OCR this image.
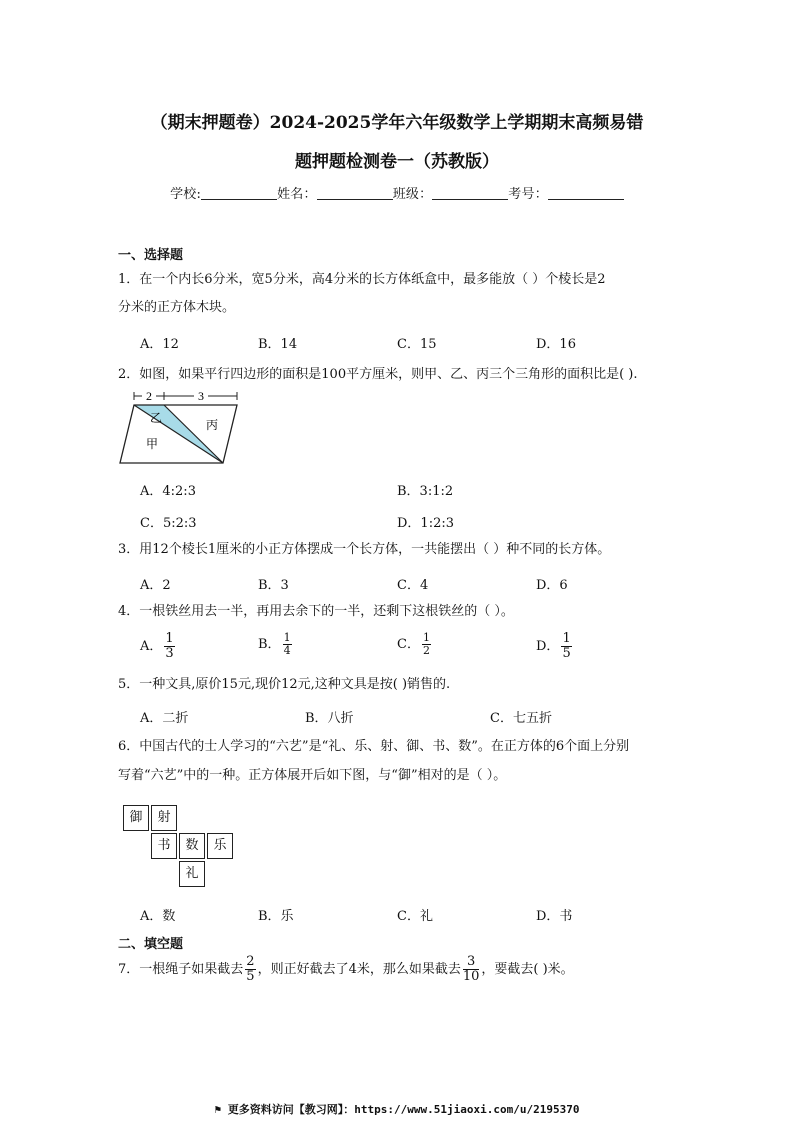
（期末押题卷）2024-2025学年六年级数学上学期期末高频易错
题押题检测卷一（苏教版）
学校:	姓名：	班级：	考号：
一、选择题
1．在一个内长6分米，宽5分米，高4分米的长方体纸盒中，最多能放（ ）个棱长是2
分米的正方体木块。
A．12	B．14	C．15	D．16
2．如图，如果平行四边形的面积是100平方厘米，则甲、乙、丙三个三角形的面积比是( ).
2	3
乙
甲
丙
A．4:2:3	B．3:1:2
C．5:2:3	D．1:2:3
3．用12个棱长1厘米的小正方体摆成一个长方体，一共能摆出（ ）种不同的长方体。
A．2	B．3	C．4	D．6
4．一根铁丝用去一半，再用去余下的一半，还剩下这根铁丝的（ ）。
A． $\frac{1}{3}$	B． $\frac{1}{4}$	C． $\frac{1}{2}$	D． $\frac{1}{5}$
5．一种文具,原价15元,现价12元,这种文具是按( )销售的.
A．二折	B．八折	C．七五折
6．中国古代的士人学习的“六艺”是“礼、乐、射、御、书、数”。在正方体的6个面上分别
写着“六艺”中的一种。正方体展开后如下图，与“御”相对的是（ ）。
御	射
书	数	乐
礼
A．数	B．乐	C．礼	D．书
二、填空题
7．一根绳子如果截去 $\frac{2}{5}$ ，则正好截去了4米，那么如果截去 $\frac{3}{10}$ ，要截去( )米。
⚑ 更多资料访问【教习网】：https://www.51jiaoxi.com/u/2195370
